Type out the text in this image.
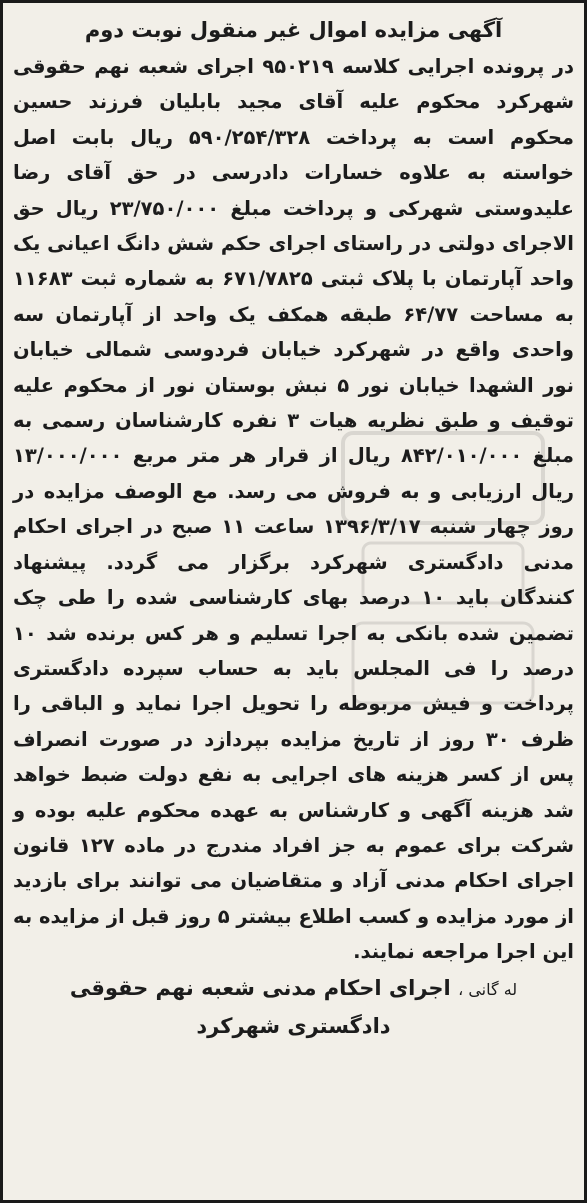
آگهی مزایده اموال غیر منقول نوبت دوم

در پرونده اجرایی کلاسه ۹۵۰۲۱۹ اجرای شعبه نهم حقوقی شهرکرد محکوم علیه آقای مجید بابلیان فرزند حسین محکوم است به پرداخت ۵۹۰/۲۵۴/۳۲۸ ریال بابت اصل خواسته به علاوه خسارات دادرسی در حق آقای رضا علیدوستی شهرکی و پرداخت مبلغ ۲۳/۷۵۰/۰۰۰ ریال حق الاجرای دولتی در راستای اجرای حکم شش دانگ اعیانی یک واحد آپارتمان با پلاک ثبتی ۶۷۱/۷۸۲۵ به شماره ثبت ۱۱۶۸۳ به مساحت ۶۴/۷۷ طبقه همکف یک واحد از آپارتمان سه واحدی واقع در شهرکرد خیابان فردوسی شمالی خیابان نور الشهدا خیابان نور ۵ نبش بوستان نور از محکوم علیه توقیف و طبق نظریه هیات ۳ نفره کارشناسان رسمی به مبلغ ۸۴۲/۰۱۰/۰۰۰ ریال از قرار هر متر مربع ۱۳/۰۰۰/۰۰۰ ریال ارزیابی و به فروش می رسد. مع الوصف مزایده در روز چهار شنبه ۱۳۹۶/۳/۱۷ ساعت ۱۱ صبح در اجرای احکام مدنی دادگستری شهرکرد برگزار می گردد. پیشنهاد کنندگان باید ۱۰ درصد بهای کارشناسی شده را طی چک تضمین شده بانکی به اجرا تسلیم و هر کس برنده شد ۱۰ درصد را فی المجلس باید به حساب سپرده دادگستری پرداخت و فیش مربوطه را تحویل اجرا نماید و الباقی را ظرف ۳۰ روز از تاریخ مزایده بپردازد در صورت انصراف پس از کسر هزینه های اجرایی به نفع دولت ضبط خواهد شد هزینه آگهی و کارشناس به عهده محکوم علیه بوده و شرکت برای عموم به جز افراد مندرج در ماده ۱۲۷ قانون اجرای احکام مدنی آزاد و متقاضیان می توانند برای بازدید از مورد مزایده و کسب اطلاع بیشتر ۵ روز قبل از مزایده به این اجرا مراجعه نمایند.

له گانی ، اجرای احکام مدنی شعبه نهم حقوقی
دادگستری شهرکرد
